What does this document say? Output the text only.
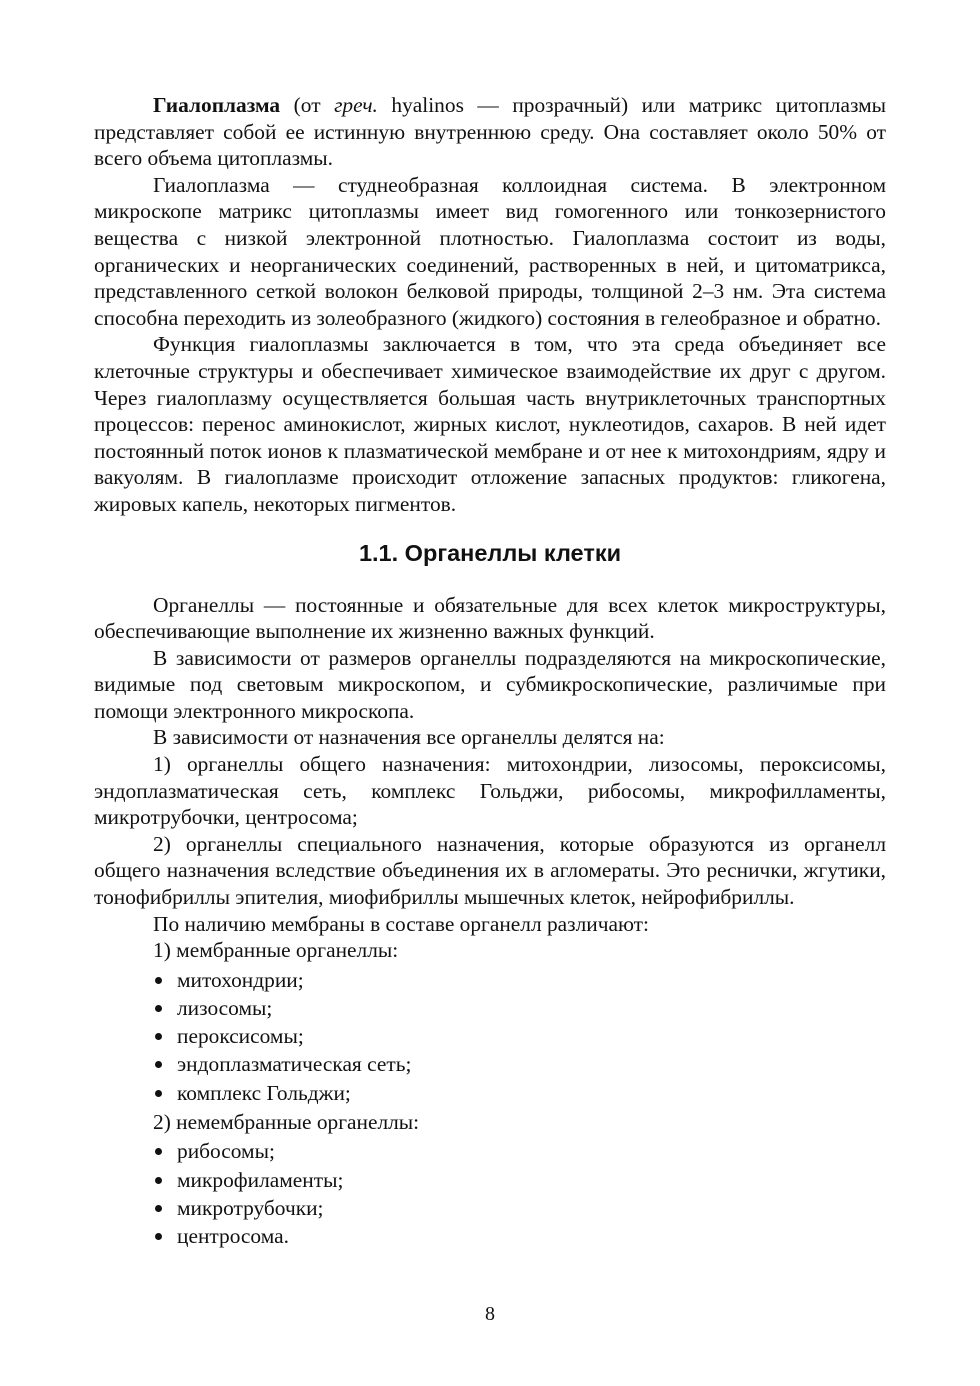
Гиалоплазма (от греч. hyalinos — прозрачный) или матрикс цитоплазмы представляет собой ее истинную внутреннюю среду. Она составляет около 50% от всего объема цитоплазмы.

Гиалоплазма — студнеобразная коллоидная система. В электронном микроскопе матрикс цитоплазмы имеет вид гомогенного или тонкозернистого вещества с низкой электронной плотностью. Гиалоплазма состоит из воды, органических и неорганических соединений, растворенных в ней, и цитоматрикса, представленного сеткой волокон белковой природы, толщиной 2–3 нм. Эта система способна переходить из золеобразного (жидкого) состояния в гелеобразное и обратно.

Функция гиалоплазмы заключается в том, что эта среда объединяет все клеточные структуры и обеспечивает химическое взаимодействие их друг с другом. Через гиалоплазму осуществляется большая часть внутриклеточных транспортных процессов: перенос аминокислот, жирных кислот, нуклеотидов, сахаров. В ней идет постоянный поток ионов к плазматической мембране и от нее к митохондриям, ядру и вакуолям. В гиалоплазме происходит отложение запасных продуктов: гликогена, жировых капель, некоторых пигментов.

1.1. Органеллы клетки

Органеллы — постоянные и обязательные для всех клеток микроструктуры, обеспечивающие выполнение их жизненно важных функций.

В зависимости от размеров органеллы подразделяются на микроскопические, видимые под световым микроскопом, и субмикроскопические, различимые при помощи электронного микроскопа.

В зависимости от назначения все органеллы делятся на:

1) органеллы общего назначения: митохондрии, лизосомы, пероксисомы, эндоплазматическая сеть, комплекс Гольджи, рибосомы, микрофилламенты, микротрубочки, центросома;

2) органеллы специального назначения, которые образуются из органелл общего назначения вследствие объединения их в агломераты. Это реснички, жгутики, тонофибриллы эпителия, миофибриллы мышечных клеток, нейрофибриллы.

По наличию мембраны в составе органелл различают:

1) мембранные органеллы:
митохондрии;
лизосомы;
пероксисомы;
эндоплазматическая сеть;
комплекс Гольджи;
2) немембранные органеллы:
рибосомы;
микрофиламенты;
микротрубочки;
центросома.
8
